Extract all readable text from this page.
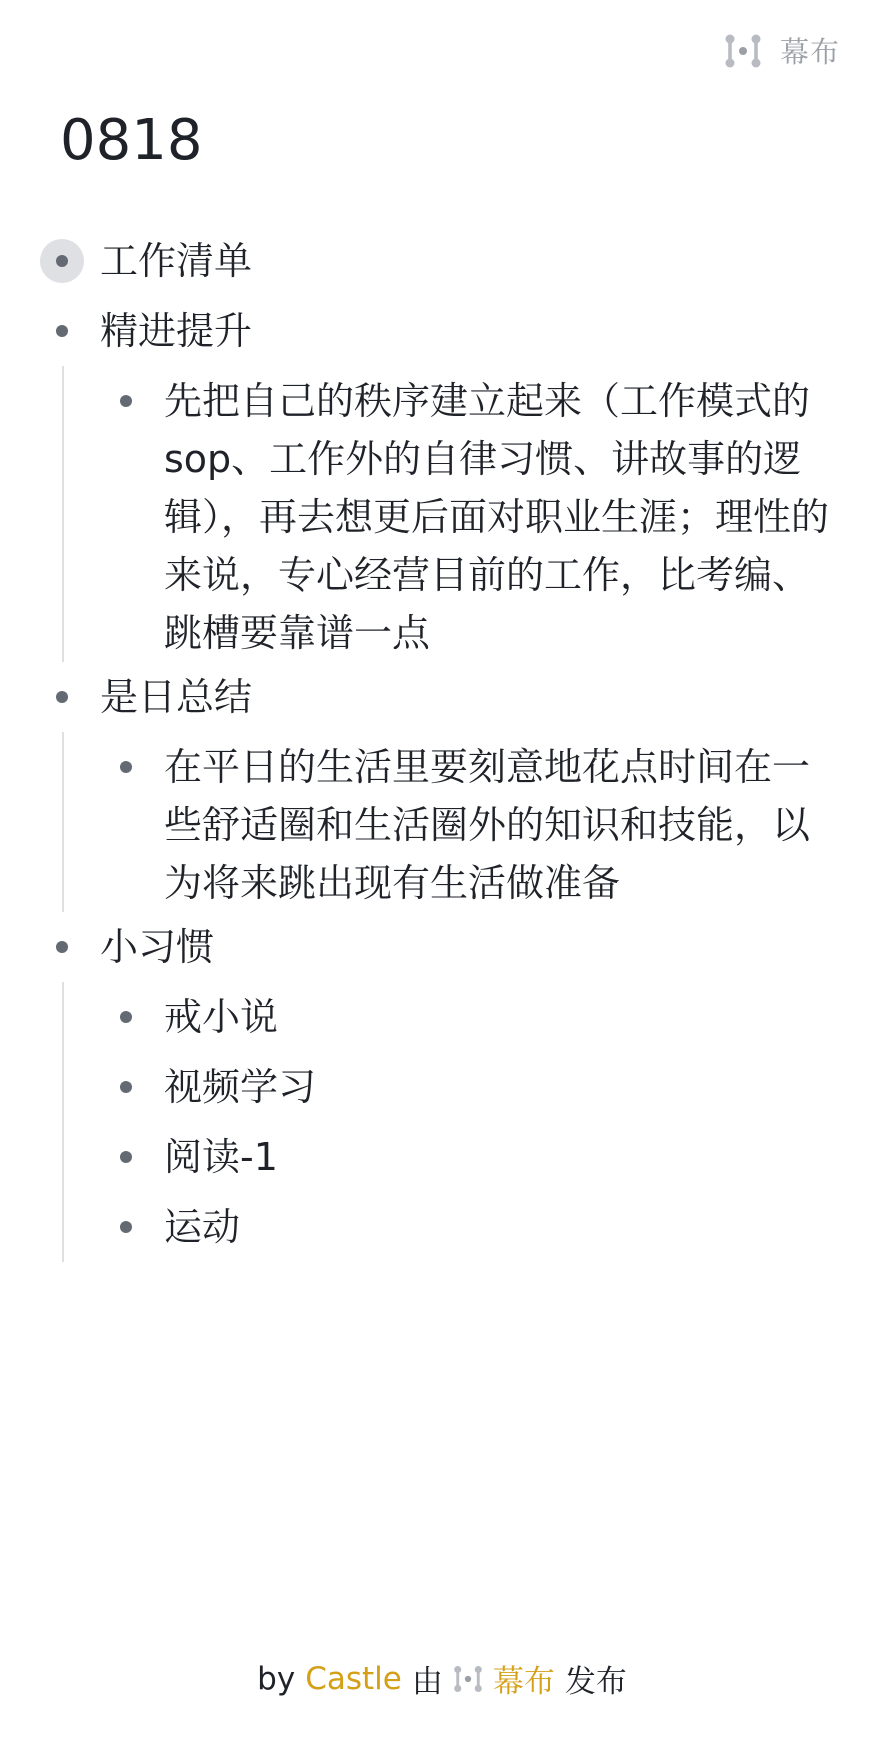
幕布
0818
工作清单
精进提升
先把自己的秩序建立起来（工作模式的sop、工作外的自律习惯、讲故事的逻辑），再去想更后面对职业生涯；理性的来说，专心经营目前的工作，比考编、跳槽要靠谱一点
是日总结
在平日的生活里要刻意地花点时间在一些舒适圈和生活圈外的知识和技能，以为将来跳出现有生活做准备
小习惯
戒小说
视频学习
阅读-1
运动
by Castle 由 幕布 发布
